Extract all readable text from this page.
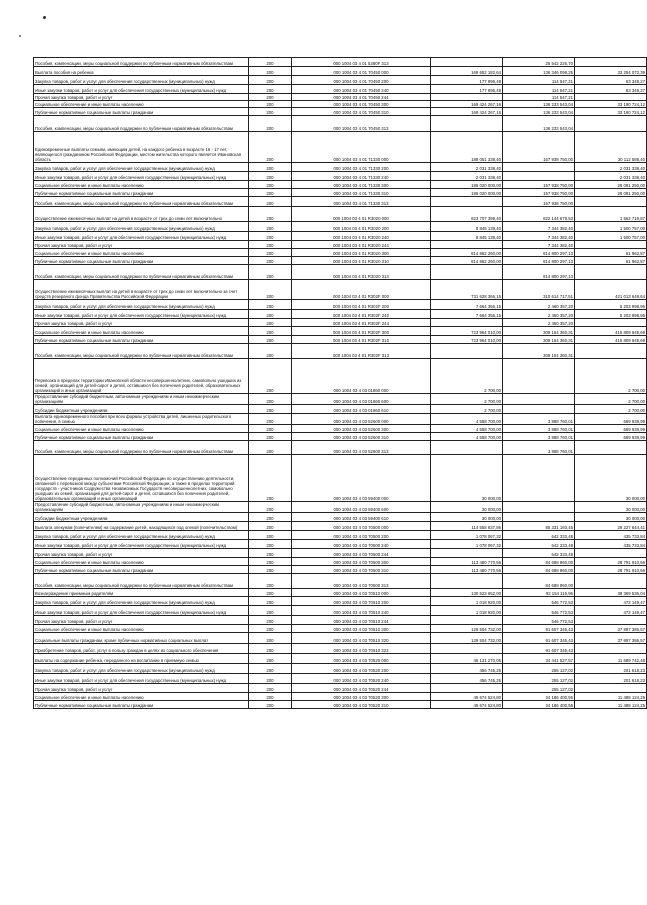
Пособия, компенсации, меры социальной поддержки по публичным нормативным обязательствам	200	000 1004 03 4 01 5380F 313		25 542 226,70	
Выплата пособия на ребенка	200	000 1004 03 4 01 70450 000	169 652 182,64	136 346 098,25	33 254 072,39
Закупка товаров, работ и услуг для обеспечения государственных (муниципальных) нужд	200	000 1004 03 4 01 70450 200	177 895,48	114 547,21	63 348,27
Иные закупки товаров, работ и услуг для обеспечения государственных (муниципальных) нужд	200	000 1004 03 4 01 70450 240	177 895,48	114 547,21	63 348,27
Прочая закупка товаров, работ и услуг	200	000 1004 03 4 01 70450 244		114 547,21	
Социальное обеспечение и иные выплаты населению	200	000 1004 03 4 01 70450 300	169 424 267,16	136 233 543,04	33 190 724,12
Публичные нормативные социальные выплаты гражданам	200	000 1004 03 4 01 70450 310	169 424 267,16	136 233 543,04	33 190 724,12
Пособия, компенсации, меры социальной поддержки по публичным нормативным обязательствам	200	000 1004 03 4 01 70450 313		136 233 543,04	
Единовременные выплаты семьям, имеющим детей, на каждого ребенка в возрасте 16 - 17 лет, являющегося гражданином Российской Федерации, местом жительства которого является Ивановская область	200	000 1004 03 4 01 71330 000	188 051 338,40	157 938 750,00	30 112 588,40
Закупка товаров, работ и услуг для обеспечения государственных (муниципальных) нужд	200	000 1004 03 4 01 71330 200	2 031 338,40		2 031 338,40
Иные закупки товаров, работ и услуг для обеспечения государственных (муниципальных) нужд	200	000 1004 03 4 01 71330 240	2 031 338,40		2 031 338,40
Социальное обеспечение и иные выплаты населению	200	000 1004 03 4 01 71330 300	186 020 000,00	157 938 750,00	28 081 250,00
Публичные нормативные социальные выплаты гражданам	200	000 1004 03 4 01 71330 310	186 020 000,00	157 938 750,00	28 081 250,00
Пособия, компенсации, меры социальной поддержки по публичным нормативным обязательствам	200	000 1004 03 4 01 71330 313		157 938 750,00	
Осуществление ежемесячных выплат на детей в возрасте от трех до семи лет включительно	200	000 1004 03 4 01 R3020 000	823 707 399,40	822 144 679,53	1 562 719,87
Закупка товаров, работ и услуг для обеспечения государственных (муниципальных) нужд	200	000 1004 03 4 01 R3020 200	8 845 139,40	7 344 382,40	1 500 757,00
Иные закупки товаров, работ и услуг для обеспечения государственных (муниципальных) нужд	200	000 1004 03 4 01 R3020 240	8 845 139,40	7 344 382,40	1 500 757,00
Прочая закупка товаров, работ и услуг	200	000 1004 03 4 01 R3020 244		7 344 382,40	
Социальное обеспечение и иные выплаты населению	200	000 1004 03 4 01 R3020 300	814 862 260,00	814 800 297,13	61 962,87
Публичные нормативные социальные выплаты гражданам	200	000 1004 03 4 01 R3020 310	814 862 260,00	814 800 297,13	61 962,87
Пособия, компенсации, меры социальной поддержки по публичным нормативным обязательствам	200	000 1004 03 4 01 R3020 313		814 800 297,13	
Осуществление ежемесячных выплат на детей в возрасте от трех до семи лет включительно за счет средств резервного фонда Правительства Российской Федерации	200	000 1004 03 4 01 R302F 000	731 628 366,15	310 614 717,51	421 013 648,64
Закупка товаров, работ и услуг для обеспечения государственных (муниципальных) нужд	200	000 1004 03 4 01 R302F 200	7 664 356,15	2 460 357,20	5 203 998,95
Иные закупки товаров, работ и услуг для обеспечения государственных (муниципальных) нужд	200	000 1004 03 4 01 R302F 240	7 664 356,15	2 460 357,20	5 203 998,95
Прочая закупка товаров, работ и услуг	200	000 1004 03 4 01 R302F 244		2 460 357,20	
Социальное обеспечение и иные выплаты населению	200	000 1004 03 4 01 R302F 300	723 964 010,00	308 154 360,31	415 809 649,69
Публичные нормативные социальные выплаты гражданам	200	000 1004 03 4 01 R302F 310	723 964 010,00	308 154 360,31	415 809 649,69
Пособия, компенсации, меры социальной поддержки по публичным нормативным обязательствам	200	000 1004 03 4 01 R302F 313		308 154 360,31	
Перевозка в пределах территории Ивановской области несовершеннолетних, самовольно ушедших из семей, организаций для детей-сирот и детей, оставшихся без попечения родителей, образовательных организаций и иных организаций	200	000 1004 03 4 03 01860 000	2 700,00		2 700,00
Предоставление субсидий бюджетным, автономным учреждениям и иным некоммерческим организациям	200	000 1004 03 4 03 01860 600	2 700,00		2 700,00
Субсидии бюджетным учреждениям	200	000 1004 03 4 03 01860 610	2 700,00		2 700,00
Выплата единовременного пособия при всех формах устройства детей, лишенных родительского попечения, в семью	200	000 1004 03 4 03 52600 000	4 558 700,00	3 888 760,01	669 939,99
Социальное обеспечение и иные выплаты населению	200	000 1004 03 4 03 52600 300	4 558 700,00	3 888 760,01	669 939,99
Публичные нормативные социальные выплаты гражданам	200	000 1004 03 4 03 52600 310	4 558 700,00	3 888 760,01	669 939,99
Пособия, компенсации, меры социальной поддержки по публичным нормативным обязательствам	200	000 1004 03 4 03 52600 313		3 888 760,01	
Осуществление переданных полномочий Российской Федерации по осуществлению деятельности, связанной с перевозкой между субъектами Российской Федерации, а также в пределах территорий государств - участников Содружества Независимых Государств несовершеннолетних, самовольно ушедших из семей, организаций для детей-сирот и детей, оставшихся без попечения родителей, образовательных организаций и иных организаций	200	000 1004 03 4 03 59400 000	30 000,00		30 000,00
Предоставление субсидий бюджетным, автономным учреждениям и иным некоммерческим организациям	200	000 1004 03 4 03 59400 600	30 000,00		30 000,00
Субсидии бюджетным учреждениям	200	000 1004 03 4 03 59400 610	30 000,00		30 000,00
Выплата опекунам (попечителям) на содержание детей, находящихся под опекой (попечительством)	200	000 1004 03 4 03 70500 000	114 558 837,86	85 331 193,45	29 227 644,41
Закупка товаров, работ и услуг для обеспечения государственных (муниципальных) нужд	200	000 1004 03 4 03 70500 200	1 078 067,32	642 333,48	435 733,84
Иные закупки товаров, работ и услуг для обеспечения государственных (муниципальных) нужд	200	000 1004 03 4 03 70500 240	1 078 067,32	642 333,48	435 733,84
Прочая закупка товаров, работ и услуг	200	000 1004 03 4 03 70500 244		642 333,48	
Социальное обеспечение и иные выплаты населению	200	000 1004 03 4 03 70500 300	113 480 770,56	84 688 860,00	28 791 910,56
Публичные нормативные социальные выплаты гражданам	200	000 1004 03 4 03 70500 310	113 480 770,56	84 688 860,00	28 791 910,56
Пособия, компенсации, меры социальной поддержки по публичным нормативным обязательствам	200	000 1004 03 4 03 70500 313		84 688 860,00	
Вознаграждение приемным родителям	200	000 1004 03 4 03 70510 000	130 523 652,00	92 154 115,96	38 369 536,04
Закупка товаров, работ и услуг для обеспечения государственных (муниципальных) нужд	200	000 1004 03 4 03 70510 200	1 018 920,00	546 772,53	472 149,47
Иные закупки товаров, работ и услуг для обеспечения государственных (муниципальных) нужд	200	000 1004 03 4 03 70510 240	1 018 920,00	546 772,53	472 149,47
Прочая закупка товаров, работ и услуг	200	000 1004 03 4 03 70510 244		546 772,53	
Социальное обеспечение и иные выплаты населению	200	000 1004 03 4 03 70510 300	129 504 732,00	91 607 345,43	37 897 386,57
Социальные выплаты гражданам, кроме публичных нормативных социальных выплат	200	000 1004 03 4 03 70510 320	129 504 732,00	91 607 345,43	37 897 386,57
Приобретение товаров, работ, услуг в пользу граждан в целях их социального обеспечения	200	000 1004 03 4 03 70510 323		91 607 345,43	
Выплаты на содержание ребенка, переданного на воспитание в приемную семью	200	000 1004 03 4 03 70520 000	46 131 270,05	34 441 527,57	11 689 742,48
Закупка товаров, работ и услуг для обеспечения государственных (муниципальных) нужд	200	000 1004 03 4 03 70520 200	456 745,25	255 127,02	201 618,23
Иные закупки товаров, работ и услуг для обеспечения государственных (муниципальных) нужд	200	000 1004 03 4 03 70520 240	456 745,25	255 127,02	201 618,23
Прочая закупка товаров, работ и услуг	200	000 1004 03 4 03 70520 244		255 127,02	
Социальное обеспечение и иные выплаты населению	200	000 1004 03 4 03 70520 300	45 674 524,80	34 186 400,55	11 488 124,25
Публичные нормативные социальные выплаты гражданам	200	000 1004 03 4 03 70520 310	45 674 524,80	34 186 400,55	11 488 124,25
